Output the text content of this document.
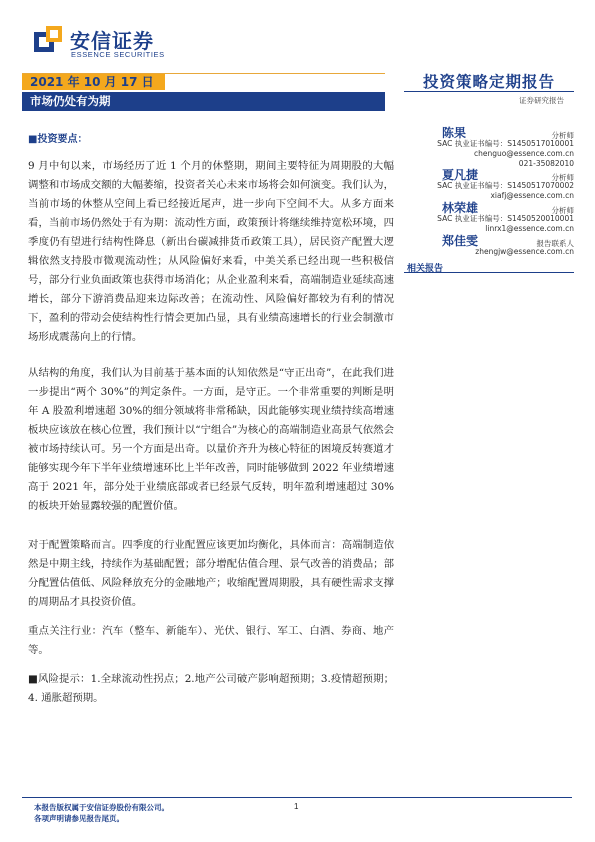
安信证券
ESSENCE SECURITIES
2021 年 10 月 17 日
市场仍处有为期
投资策略定期报告
证券研究报告
■投资要点：

9 月中旬以来，市场经历了近 1 个月的休整期，期间主要特征为周期股的大幅调整和市场成交额的大幅萎缩，投资者关心未来市场将会如何演变。我们认为，当前市场的休整从空间上看已经接近尾声，进一步向下空间不大。从多方面来看，当前市场仍然处于有为期：流动性方面，政策预计将继续维持宽松环境，四季度仍有望进行结构性降息（新出台碳减排货币政策工具），居民资产配置大逻辑依然支持股市微观流动性；从风险偏好来看，中美关系已经出现一些积极信号，部分行业负面政策也获得市场消化；从企业盈利来看，高端制造业延续高速增长，部分下游消费品迎来边际改善；在流动性、风险偏好都较为有利的情况下，盈利的带动会使结构性行情会更加凸显，具有业绩高速增长的行业会制激市场形成震荡向上的行情。

从结构的角度，我们认为目前基于基本面的认知依然是“守正出奇”，在此我们进一步提出“两个 30%”的判定条件。一方面，是守正。一个非常重要的判断是明年 A 股盈利增速超 30%的细分领域将非常稀缺，因此能够实现业绩持续高增速板块应该放在核心位置，我们预计以“宁组合”为核心的高端制造业高景气依然会被市场持续认可。另一个方面是出奇。以量价齐升为核心特征的困境反转赛道才能够实现今年下半年业绩增速环比上半年改善，同时能够做到 2022 年业绩增速高于 2021 年，部分处于业绩底部或者已经景气反转，明年盈利增速超过 30%的板块开始显露较强的配置价值。

对于配置策略而言。四季度的行业配置应该更加均衡化，具体而言：高端制造依然是中期主线，持续作为基础配置；部分增配估值合理、景气改善的消费品；部分配置估值低、风险释放充分的金融地产；收缩配置周期股，具有硬性需求支撑的周期品才具投资价值。

重点关注行业：汽车（整车、新能车）、光伏、银行、军工、白酒、券商、地产等。

■风险提示：1.全球流动性拐点；2.地产公司破产影响超预期；3.疫情超预期；4. 通胀超预期。

陈果	分析师
SAC 执业证书编号：S1450517010001
chenguo@essence.com.cn
021-35082010
夏凡捷	分析师
SAC 执业证书编号：S1450517070002
xiafj@essence.com.cn
林荣雄	分析师
SAC 执业证书编号：S1450520010001
linrx1@essence.com.cn
郑佳雯	报告联系人
zhengjw@essence.com.cn
相关报告
本报告版权属于安信证券股份有限公司。
各项声明请参见报告尾页。
1
